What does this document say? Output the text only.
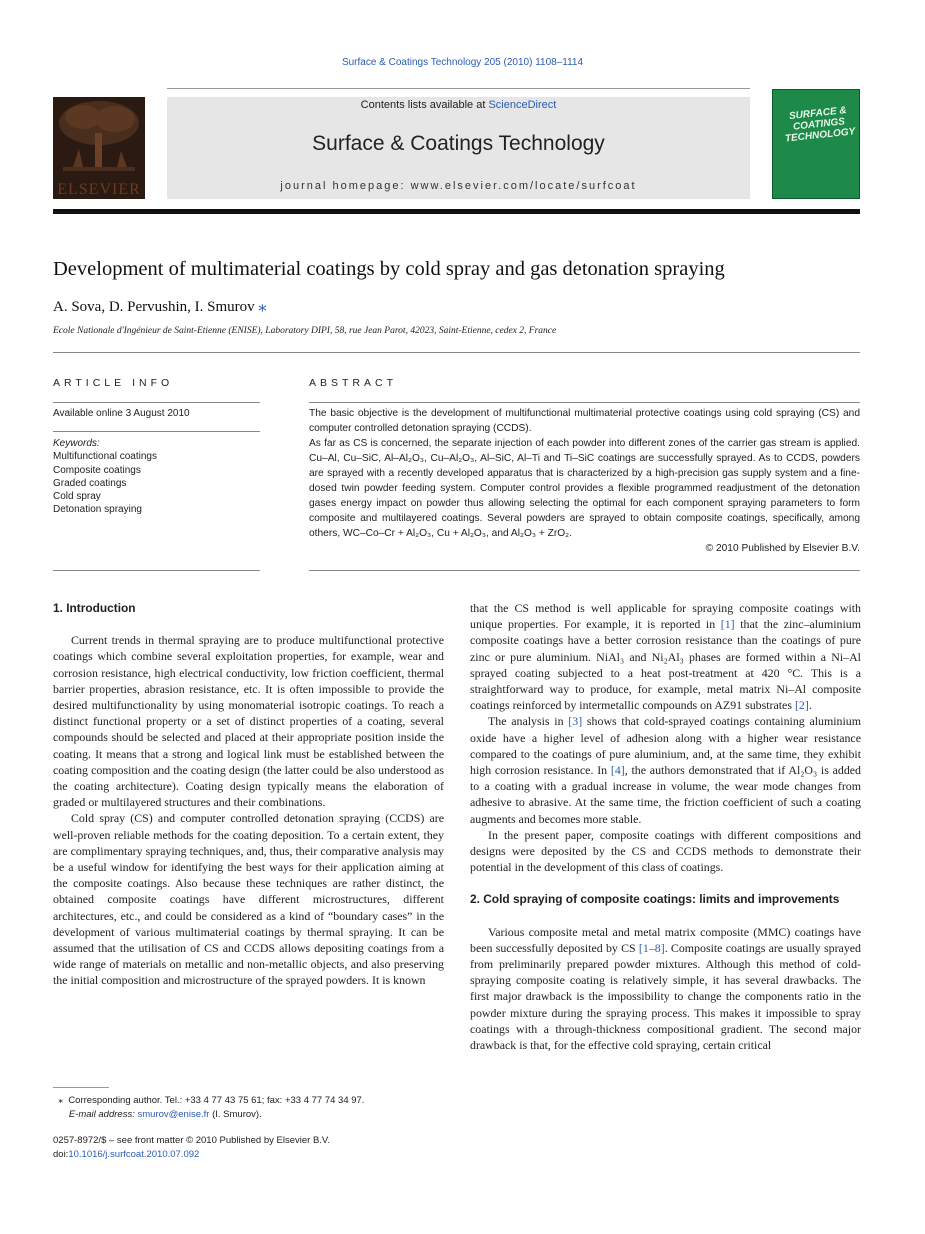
Surface & Coatings Technology 205 (2010) 1108–1114
ELSEVIER
Contents lists available at ScienceDirect
Surface & Coatings Technology
journal homepage: www.elsevier.com/locate/surfcoat
SURFACE & COATINGS TECHNOLOGY
Development of multimaterial coatings by cold spray and gas detonation spraying
A. Sova, D. Pervushin, I. Smurov ⁎
Ecole Nationale d'Ingénieur de Saint-Etienne (ENISE), Laboratory DIPI, 58, rue Jean Parot, 42023, Saint-Etienne, cedex 2, France
ARTICLE INFO
Available online 3 August 2010
Keywords:
Multifunctional coatings
Composite coatings
Graded coatings
Cold spray
Detonation spraying
ABSTRACT
The basic objective is the development of multifunctional multimaterial protective coatings using cold spraying (CS) and computer controlled detonation spraying (CCDS).
As far as CS is concerned, the separate injection of each powder into different zones of the carrier gas stream is applied. Cu–Al, Cu–SiC, Al–Al₂O₃, Cu–Al₂O₃, Al–SiC, Al–Ti and Ti–SiC coatings are successfully sprayed. As to CCDS, powders are sprayed with a recently developed apparatus that is characterized by a high-precision gas supply system and a fine-dosed twin powder feeding system. Computer control provides a flexible programmed readjustment of the detonation gases energy impact on powder thus allowing selecting the optimal for each component spraying parameters to form composite and multilayered coatings. Several powders are sprayed to obtain composite coatings, specifically, among others, WC–Co–Cr + Al₂O₃, Cu + Al₂O₃, and Al₂O₃ + ZrO₂.
© 2010 Published by Elsevier B.V.
1. Introduction

Current trends in thermal spraying are to produce multifunctional protective coatings which combine several exploitation properties, for example, wear and corrosion resistance, high electrical conductivity, low friction coefficient, thermal barrier properties, abrasion resistance, etc. It is often impossible to provide the desired multifunctionality by using monomaterial isotropic coatings. To reach a distinct functional property or a set of distinct properties of a coating, several compounds should be selected and placed at their appropriate position inside the coating. It means that a strong and logical link must be established between the coating composition and the coating design (the latter could be also understood as the coating architecture). Coating design typically means the elaboration of graded or multilayered structures and their combinations.

Cold spray (CS) and computer controlled detonation spraying (CCDS) are well-proven reliable methods for the coating deposition. To a certain extent, they are complimentary spraying techniques, and, thus, their comparative analysis may be a useful window for identifying the best ways for their application aiming at the composite coatings. Also because these techniques are rather distinct, the obtained composite coatings have different microstructures, different architectures, etc., and could be considered as a kind of “boundary cases” in the development of various multimaterial coatings by thermal spraying. It can be assumed that the utilisation of CS and CCDS allows depositing coatings from a wide range of materials on metallic and non-metallic objects, and also preserving the initial composition and microstructure of the sprayed powders. It is known

that the CS method is well applicable for spraying composite coatings with unique properties. For example, it is reported in [1] that the zinc–aluminium composite coatings have a better corrosion resistance than the coatings of pure zinc or pure aluminium. NiAl₃ and Ni₂Al₃ phases are formed within a Ni–Al sprayed coating subjected to a heat post-treatment at 420 °C. This is a straightforward way to produce, for example, metal matrix Ni–Al composite coatings reinforced by intermetallic compounds on AZ91 substrates [2].

The analysis in [3] shows that cold-sprayed coatings containing aluminium oxide have a higher level of adhesion along with a higher wear resistance compared to the coatings of pure aluminium, and, at the same time, they exhibit high corrosion resistance. In [4], the authors demonstrated that if Al₂O₃ is added to a coating with a gradual increase in volume, the wear mode changes from adhesive to abrasive. At the same time, the friction coefficient of such a coating augments and becomes more stable.

In the present paper, composite coatings with different compositions and designs were deposited by the CS and CCDS methods to demonstrate their potential in the development of this class of coatings.

2. Cold spraying of composite coatings: limits and improvements

Various composite metal and metal matrix composite (MMC) coatings have been successfully deposited by CS [1–8]. Composite coatings are usually sprayed from preliminarily prepared powder mixtures. Although this method of cold-spraying composite coating is relatively simple, it has several drawbacks. The first major drawback is the impossibility to change the components ratio in the powder mixture during the spraying process. This makes it impossible to spray coatings with a through-thickness compositional gradient. The second major drawback is that, for the effective cold spraying, certain critical

⁎ Corresponding author. Tel.: +33 4 77 43 75 61; fax: +33 4 77 74 34 97.
E-mail address: smurov@enise.fr (I. Smurov).
0257-8972/$ – see front matter © 2010 Published by Elsevier B.V.
doi:10.1016/j.surfcoat.2010.07.092
